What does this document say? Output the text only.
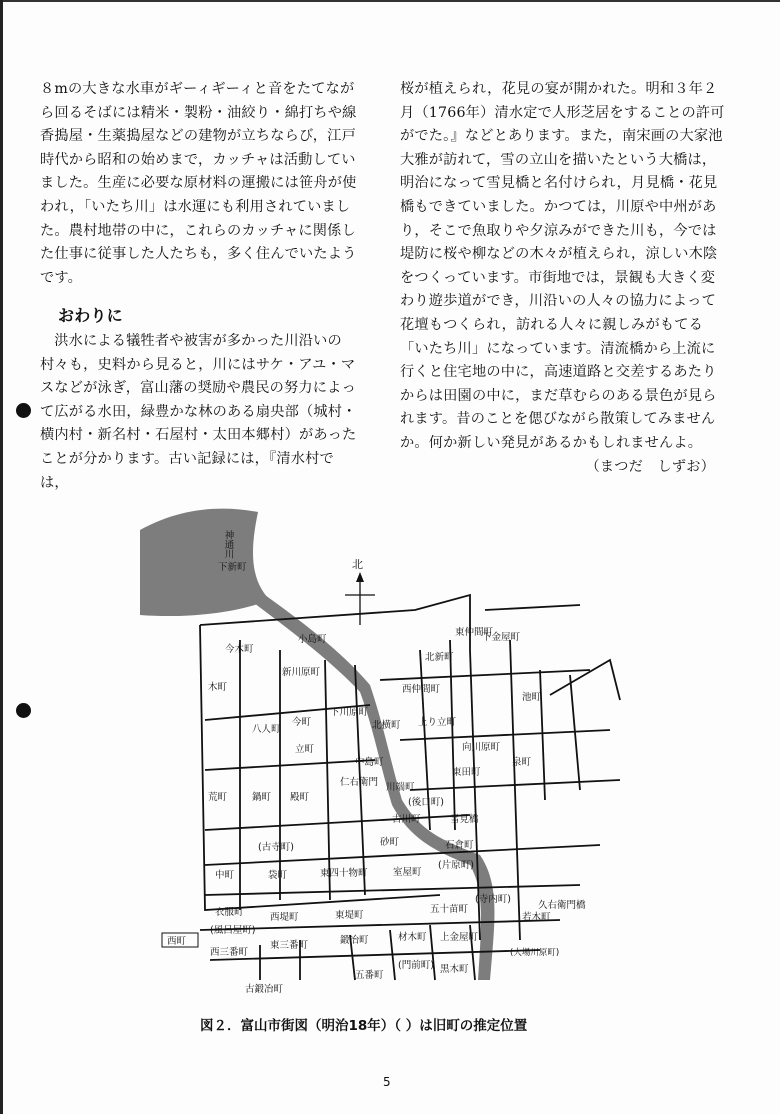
８mの大きな水車がギーィギーィと音をたてながら回るそばには精米・製粉・油絞り・綿打ちや線香搗屋・生薬搗屋などの建物が立ちならび，江戸時代から昭和の始めまで，カッチャは活動していました。生産に必要な原材料の運搬には笹舟が使われ，「いたち川」は水運にも利用されていました。農村地帯の中に，これらのカッチャに関係した仕事に従事した人たちも，多く住んでいたようです。

おわりに

洪水による犠牲者や被害が多かった川沿いの村々も，史料から見ると，川にはサケ・アユ・マスなどが泳ぎ，富山藩の奨励や農民の努力によって広がる水田，緑豊かな林のある扇央部（城村・横内村・新名村・石屋村・太田本郷村）があったことが分かります。古い記録には，『清水村では，

桜が植えられ，花見の宴が開かれた。明和３年２月（1766年）清水定で人形芝居をすることの許可がでた。』などとあります。また，南宋画の大家池大雅が訪れて，雪の立山を描いたという大橋は，明治になって雪見橋と名付けられ，月見橋・花見橋もできていました。かつては，川原や中州があり，そこで魚取りや夕涼みができた川も，今では堤防に桜や柳などの木々が植えられ，涼しい木陰をつくっています。市街地では，景観も大きく変わり遊歩道ができ，川沿いの人々の協力によって花壇もつくられ，訪れる人々に親しみがもてる「いたち川」になっています。清流橋から上流に行くと住宅地の中に，高速道路と交差するあたりからは田園の中に，まだ草むらのある景色が見られます。昔のことを偲びながら散策してみませんか。何か新しい発見があるかもしれませんよ。

（まつだ　しずお）

北
神通川
下新町
今木町
小島町
木町
新川原町
八人町
今町
立町
下川原町
北横町
西仲間町
北新町
東仲間町
下金屋町
上り立町
池町
向川原町
東田町
泉町
荒町	鍋町 殿町
仁右衛門
中島町
川端町
(後口町)
古川町	雪見橋
(古寺町)	砂町	石倉町
(片原町)
中町	袋町	東四十物町	室屋町
(寺内町)
久右衛門橋
若木町
衣服町
(風呂屋町)
西堤町	東堤町
五十苗町
西町	鍛冶町	材木町 上金屋町
西三番町
東三番町
(門前町)
五番町
黒木町
古鍛冶町
(大場川原町)
図２．富山市街図（明治18年）（ ）は旧町の推定位置
5
